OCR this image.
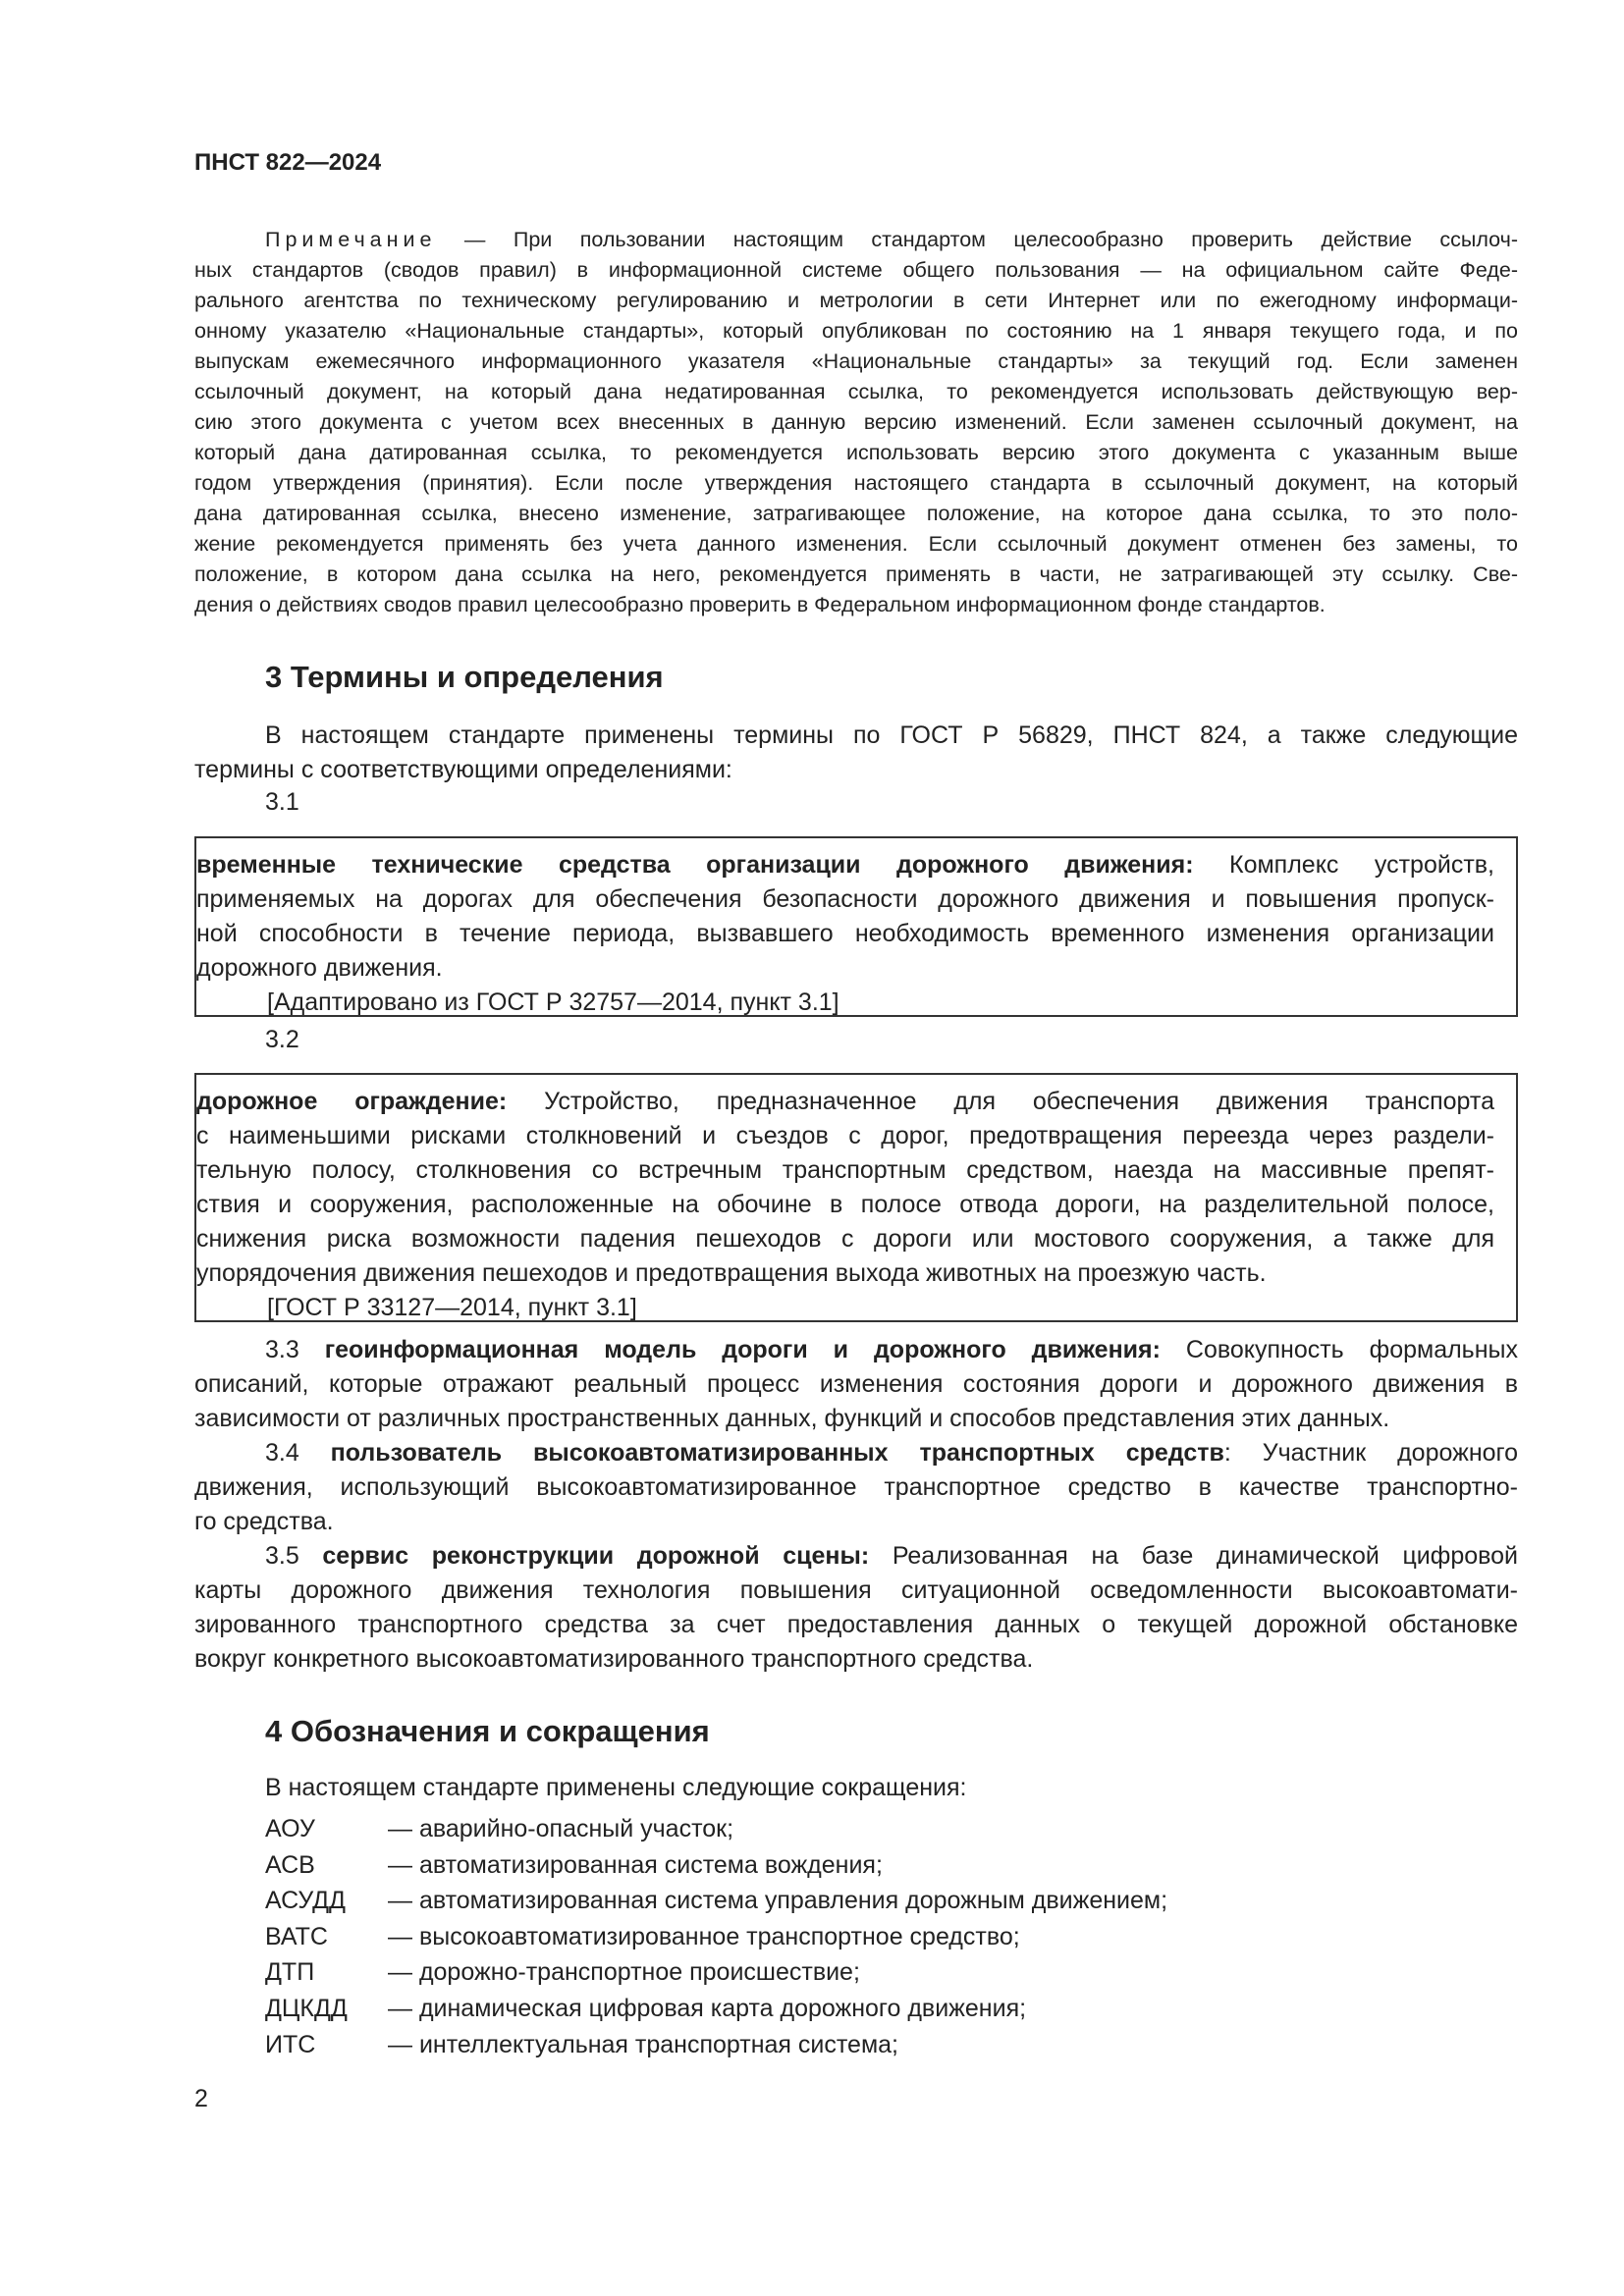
ПНСТ 822—2024
Примечание — При пользовании настоящим стандартом целесообразно проверить действие ссылоч-
ных стандартов (сводов правил) в информационной системе общего пользования — на официальном сайте Феде-
рального агентства по техническому регулированию и метрологии в сети Интернет или по ежегодному информаци-
онному указателю «Национальные стандарты», который опубликован по состоянию на 1 января текущего года, и по
выпускам ежемесячного информационного указателя «Национальные стандарты» за текущий год. Если заменен
ссылочный документ, на который дана недатированная ссылка, то рекомендуется использовать действующую вер-
сию этого документа с учетом всех внесенных в данную версию изменений. Если заменен ссылочный документ, на
который дана датированная ссылка, то рекомендуется использовать версию этого документа с указанным выше
годом утверждения (принятия). Если после утверждения настоящего стандарта в ссылочный документ, на который
дана датированная ссылка, внесено изменение, затрагивающее положение, на которое дана ссылка, то это поло-
жение рекомендуется применять без учета данного изменения. Если ссылочный документ отменен без замены, то
положение, в котором дана ссылка на него, рекомендуется применять в части, не затрагивающей эту ссылку. Све-
дения о действиях сводов правил целесообразно проверить в Федеральном информационном фонде стандартов.
3 Термины и определения
В настоящем стандарте применены термины по ГОСТ Р 56829, ПНСТ 824, а также следующие
термины с соответствующими определениями:
3.1
временные технические средства организации дорожного движения: Комплекс устройств,
применяемых на дорогах для обеспечения безопасности дорожного движения и повышения пропуск-
ной способности в течение периода, вызвавшего необходимость временного изменения организации
дорожного движения.
[Адаптировано из ГОСТ Р 32757—2014, пункт 3.1]
3.2
дорожное ограждение: Устройство, предназначенное для обеспечения движения транспорта
с наименьшими рисками столкновений и съездов с дорог, предотвращения переезда через раздели-
тельную полосу, столкновения со встречным транспортным средством, наезда на массивные препят-
ствия и сооружения, расположенные на обочине в полосе отвода дороги, на разделительной полосе,
снижения риска возможности падения пешеходов с дороги или мостового сооружения, а также для
упорядочения движения пешеходов и предотвращения выхода животных на проезжую часть.
[ГОСТ Р 33127—2014, пункт 3.1]
3.3 геоинформационная модель дороги и дорожного движения: Совокупность формальных
описаний, которые отражают реальный процесс изменения состояния дороги и дорожного движения в
зависимости от различных пространственных данных, функций и способов представления этих данных.
3.4 пользователь высокоавтоматизированных транспортных средств: Участник дорожного
движения, использующий высокоавтоматизированное транспортное средство в качестве транспортно-
го средства.
3.5 сервис реконструкции дорожной сцены: Реализованная на базе динамической цифровой
карты дорожного движения технология повышения ситуационной осведомленности высокоавтомати-
зированного транспортного средства за счет предоставления данных о текущей дорожной обстановке
вокруг конкретного высокоавтоматизированного транспортного средства.
4 Обозначения и сокращения
В настоящем стандарте применены следующие сокращения:
АОУ	— аварийно-опасный участок;
АСВ	— автоматизированная система вождения;
АСУДД	— автоматизированная система управления дорожным движением;
ВАТС	— высокоавтоматизированное транспортное средство;
ДТП	— дорожно-транспортное происшествие;
ДЦКДД	— динамическая цифровая карта дорожного движения;
ИТС	— интеллектуальная транспортная система;
2
